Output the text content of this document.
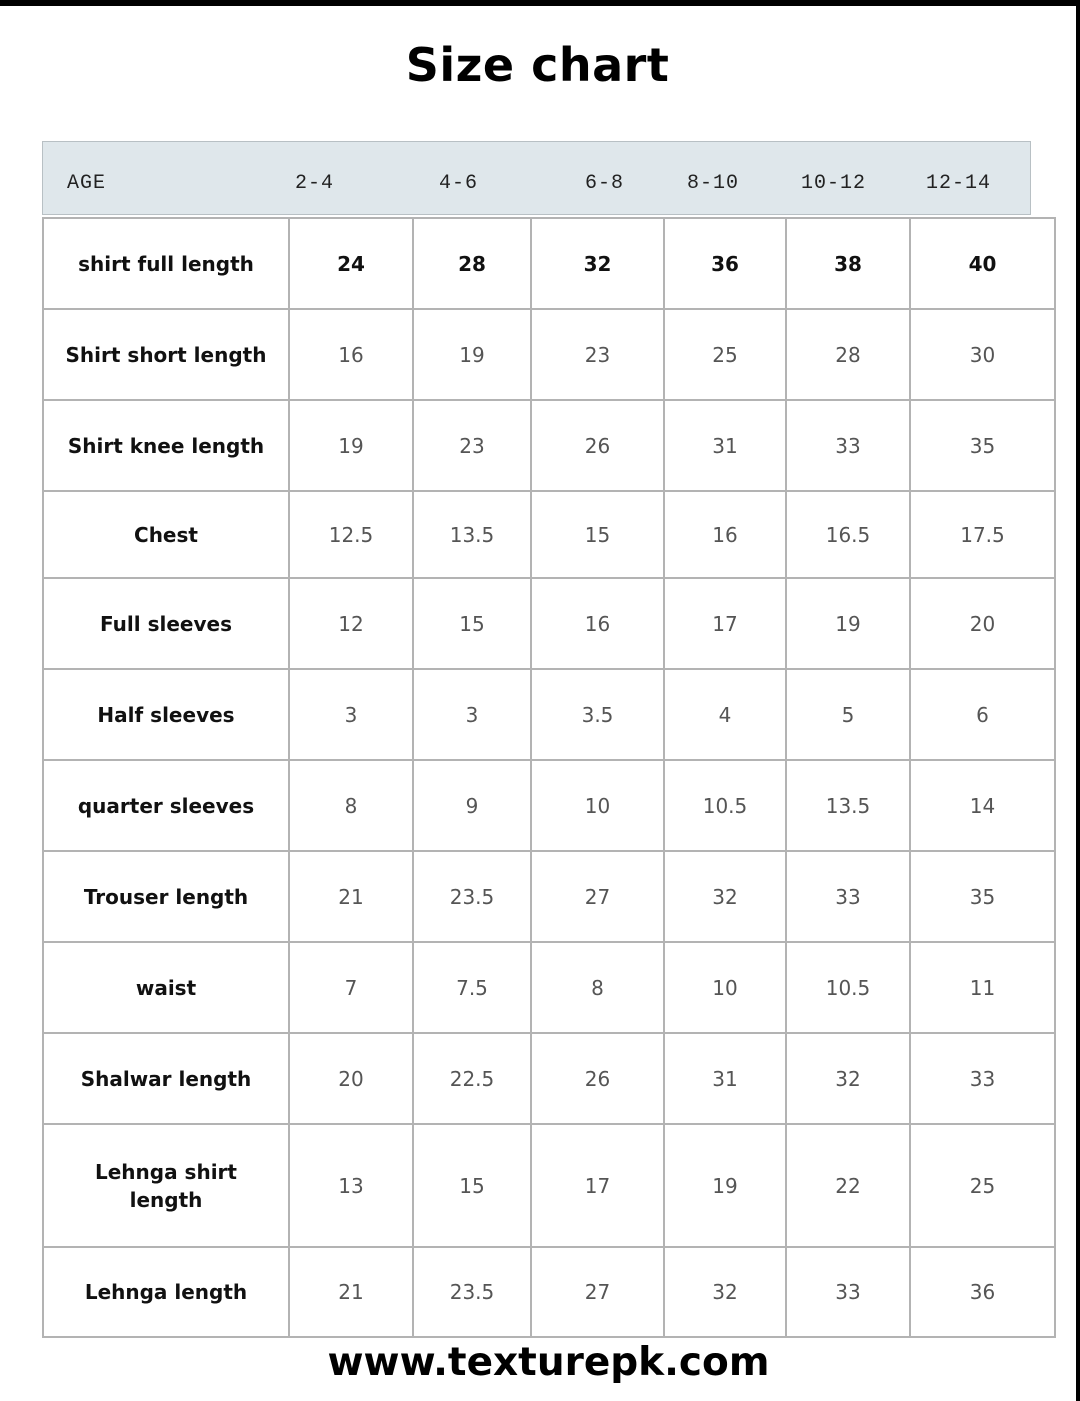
Size chart
AGE	2-4	4-6	6-8	8-10	10-12	12-14
shirt full length	24	28	32	36	38	40
Shirt short length	16	19	23	25	28	30
Shirt knee length	19	23	26	31	33	35
Chest	12.5	13.5	15	16	16.5	17.5
Full sleeves	12	15	16	17	19	20
Half sleeves	3	3	3.5	4	5	6
quarter sleeves	8	9	10	10.5	13.5	14
Trouser length	21	23.5	27	32	33	35
waist	7	7.5	8	10	10.5	11
Shalwar length	20	22.5	26	31	32	33
Lehnga shirt length	13	15	17	19	22	25
Lehnga length	21	23.5	27	32	33	36
www.texturepk.com
